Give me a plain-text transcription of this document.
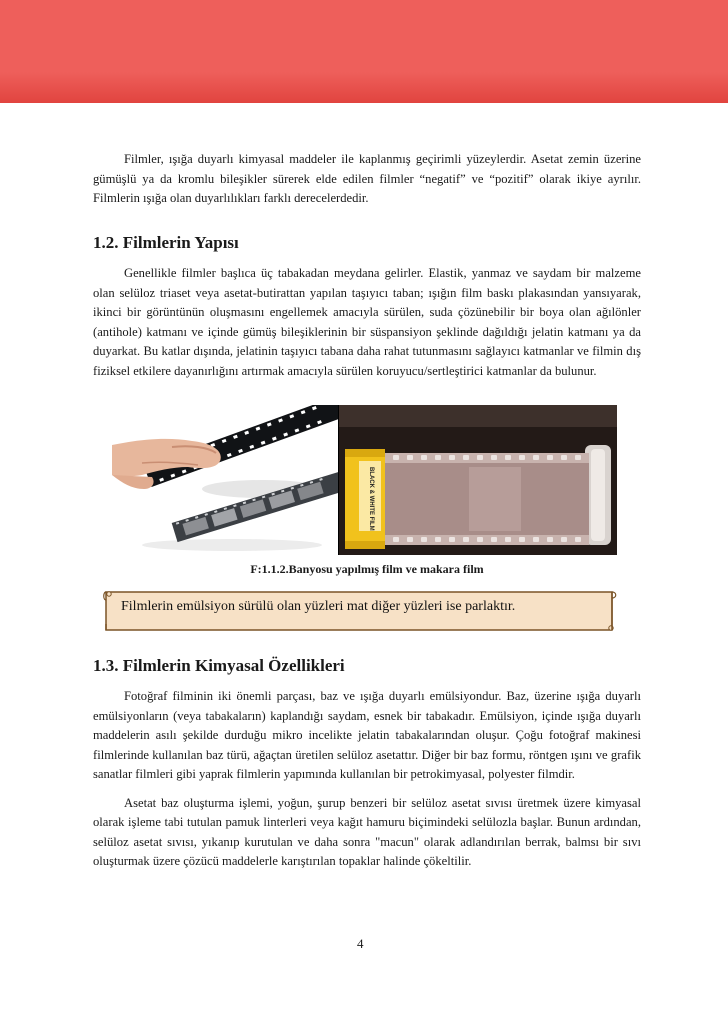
Filmler, ışığa duyarlı kimyasal maddeler ile kaplanmış geçirimli yüzeylerdir. Asetat zemin üzerine gümüşlü ya da kromlu bileşikler sürerek elde edilen filmler “negatif” ve “pozitif” olarak ikiye ayrılır. Filmlerin ışığa olan duyarlılıkları farklı derecelerdedir.

1.2. Filmlerin Yapısı

Genellikle filmler başlıca üç tabakadan meydana gelirler. Elastik, yanmaz ve saydam bir malzeme olan selüloz triaset veya asetat-butirattan yapılan taşıyıcı taban; ışığın film baskı plakasından yansıyarak, ikinci bir görüntünün oluşmasını engellemek amacıyla sürülen, suda çözünebilir bir boya olan ağılönler (antihole) katmanı ve içinde gümüş bileşiklerinin bir süspansiyon şeklinde dağıldığı jelatin katmanı ya da duyarkat. Bu katlar dışında, jelatinin taşıyıcı tabana daha rahat tutunmasını sağlayıcı katmanlar ve filmin dış fiziksel etkilere dayanırlığını artırmak amacıyla sürülen koruyucu/sertleştirici katmanlar da bulunur.

BLACK & WHITE FILM
F:1.1.2.Banyosu yapılmış film ve makara film
Filmlerin emülsiyon sürülü olan yüzleri mat diğer yüzleri ise parlaktır.
1.3. Filmlerin Kimyasal Özellikleri

Fotoğraf filminin iki önemli parçası, baz ve ışığa duyarlı emülsiyondur. Baz, üzerine ışığa duyarlı emülsiyonların (veya tabakaların) kaplandığı saydam, esnek bir tabakadır. Emülsiyon, içinde ışığa duyarlı maddelerin asılı şekilde durduğu mikro incelikte jelatin tabakalarından oluşur. Çoğu fotoğraf makinesi filmlerinde kullanılan baz türü, ağaçtan üretilen selüloz asetattır. Diğer bir baz formu, röntgen ışını ve grafik sanatlar filmleri gibi yaprak filmlerin yapımında kullanılan bir petrokimyasal, polyester filmdir.

Asetat baz oluşturma işlemi, yoğun, şurup benzeri bir selüloz asetat sıvısı üretmek üzere kimyasal olarak işleme tabi tutulan pamuk linterleri veya kağıt hamuru biçimindeki selülozla başlar. Bunun ardından, selüloz asetat sıvısı, yıkanıp kurutulan ve daha sonra "macun" olarak adlandırılan berrak, balmsı bir sıvı oluşturmak üzere çözücü maddelerle karıştırılan topaklar halinde çökeltilir.

4
